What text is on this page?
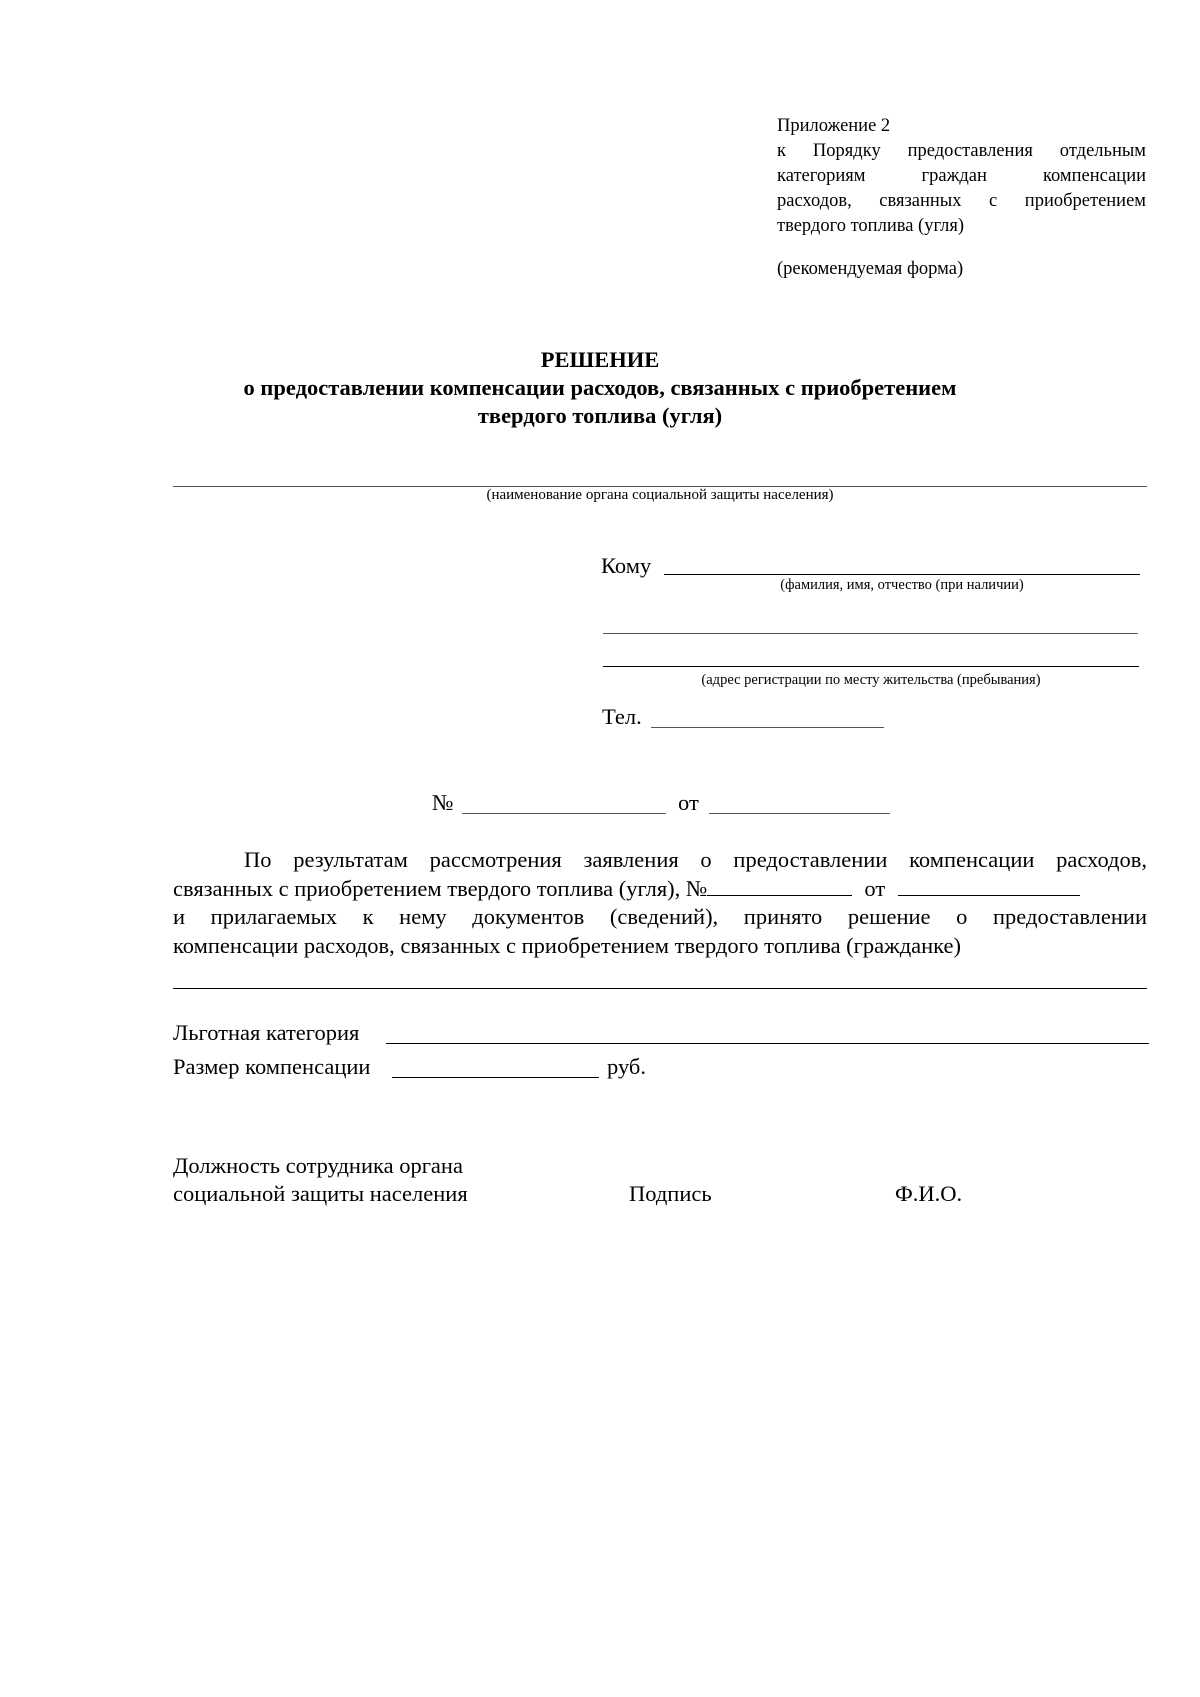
Приложение 2
к Порядку предоставления отдельным
категориям граждан компенсации
расходов, связанных с приобретением
твердого топлива (угля)
(рекомендуемая форма)
РЕШЕНИЕ
о предоставлении компенсации расходов, связанных с приобретением
твердого топлива (угля)
(наименование органа социальной защиты населения)
Кому
(фамилия, имя, отчество (при наличии)
(адрес регистрации по месту жительства (пребывания)
Тел.
№	от
По результатам рассмотрения заявления о предоставлении компенсации расходов,
связанных с приобретением твердого топлива (угля), №	от
и прилагаемых к нему документов (сведений), принято решение о предоставлении
компенсации расходов, связанных с приобретением твердого топлива (гражданке)
Льготная категория
Размер компенсации	руб.
Должность сотрудника органа
социальной защиты населения	Подпись	Ф.И.О.
